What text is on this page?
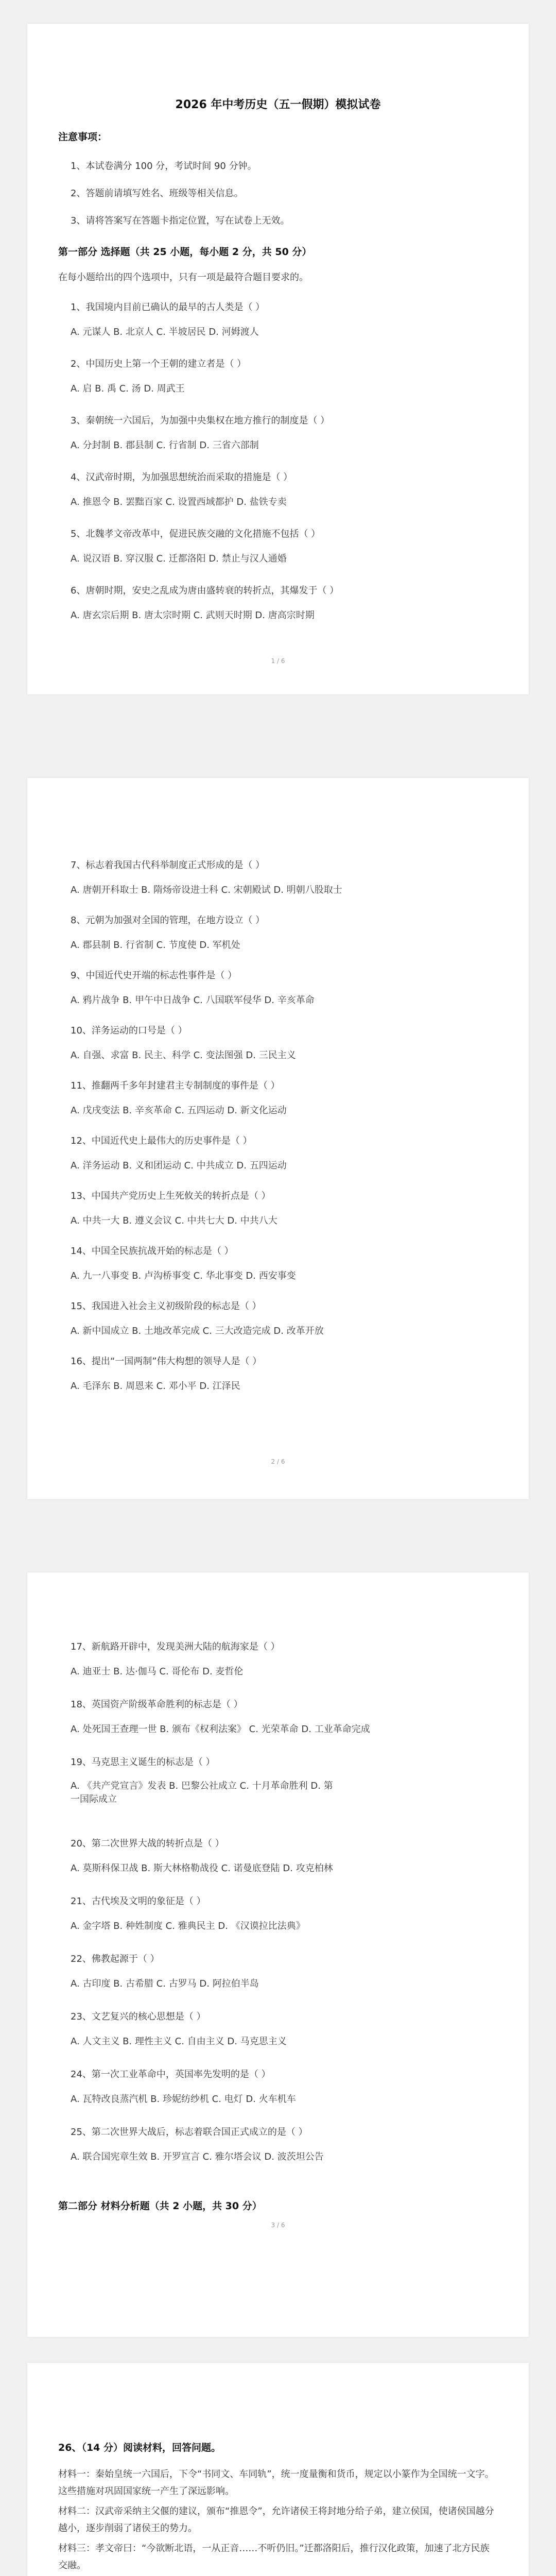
2026 年中考历史（五一假期）模拟试卷
注意事项：
1、本试卷满分 100 分，考试时间 90 分钟。
2、答题前请填写姓名、班级等相关信息。
3、请将答案写在答题卡指定位置，写在试卷上无效。
第一部分 选择题（共 25 小题，每小题 2 分，共 50 分）
在每小题给出的四个选项中，只有一项是最符合题目要求的。
1、我国境内目前已确认的最早的古人类是（ ）
A. 元谋人 B. 北京人 C. 半坡居民 D. 河姆渡人
2、中国历史上第一个王朝的建立者是（ ）
A. 启 B. 禹 C. 汤 D. 周武王
3、秦朝统一六国后，为加强中央集权在地方推行的制度是（ ）
A. 分封制 B. 郡县制 C. 行省制 D. 三省六部制
4、汉武帝时期，为加强思想统治而采取的措施是（ ）
A. 推恩令 B. 罢黜百家 C. 设置西域都护 D. 盐铁专卖
5、北魏孝文帝改革中，促进民族交融的文化措施不包括（ ）
A. 说汉语 B. 穿汉服 C. 迁都洛阳 D. 禁止与汉人通婚
6、唐朝时期，安史之乱成为唐由盛转衰的转折点，其爆发于（ ）
A. 唐玄宗后期 B. 唐太宗时期 C. 武则天时期 D. 唐高宗时期
1 / 6
7、标志着我国古代科举制度正式形成的是（ ）
A. 唐朝开科取士 B. 隋炀帝设进士科 C. 宋朝殿试 D. 明朝八股取士
8、元朝为加强对全国的管理，在地方设立（ ）
A. 郡县制 B. 行省制 C. 节度使 D. 军机处
9、中国近代史开端的标志性事件是（ ）
A. 鸦片战争 B. 甲午中日战争 C. 八国联军侵华 D. 辛亥革命
10、洋务运动的口号是（ ）
A. 自强、求富 B. 民主、科学 C. 变法图强 D. 三民主义
11、推翻两千多年封建君主专制制度的事件是（ ）
A. 戊戌变法 B. 辛亥革命 C. 五四运动 D. 新文化运动
12、中国近代史上最伟大的历史事件是（ ）
A. 洋务运动 B. 义和团运动 C. 中共成立 D. 五四运动
13、中国共产党历史上生死攸关的转折点是（ ）
A. 中共一大 B. 遵义会议 C. 中共七大 D. 中共八大
14、中国全民族抗战开始的标志是（ ）
A. 九一八事变 B. 卢沟桥事变 C. 华北事变 D. 西安事变
15、我国进入社会主义初级阶段的标志是（ ）
A. 新中国成立 B. 土地改革完成 C. 三大改造完成 D. 改革开放
16、提出“一国两制”伟大构想的领导人是（ ）
A. 毛泽东 B. 周恩来 C. 邓小平 D. 江泽民
2 / 6
17、新航路开辟中，发现美洲大陆的航海家是（ ）
A. 迪亚士 B. 达·伽马 C. 哥伦布 D. 麦哲伦
18、英国资产阶级革命胜利的标志是（ ）
A. 处死国王查理一世 B. 颁布《权利法案》 C. 光荣革命 D. 工业革命完成
19、马克思主义诞生的标志是（ ）
A. 《共产党宣言》发表 B. 巴黎公社成立 C. 十月革命胜利 D. 第一国际成立
20、第二次世界大战的转折点是（ ）
A. 莫斯科保卫战 B. 斯大林格勒战役 C. 诺曼底登陆 D. 攻克柏林
21、古代埃及文明的象征是（ ）
A. 金字塔 B. 种姓制度 C. 雅典民主 D. 《汉谟拉比法典》
22、佛教起源于（ ）
A. 古印度 B. 古希腊 C. 古罗马 D. 阿拉伯半岛
23、文艺复兴的核心思想是（ ）
A. 人文主义 B. 理性主义 C. 自由主义 D. 马克思主义
24、第一次工业革命中，英国率先发明的是（ ）
A. 瓦特改良蒸汽机 B. 珍妮纺纱机 C. 电灯 D. 火车机车
25、第二次世界大战后，标志着联合国正式成立的是（ ）
A. 联合国宪章生效 B. 开罗宣言 C. 雅尔塔会议 D. 波茨坦公告
第二部分 材料分析题（共 2 小题，共 30 分）
3 / 6
26、（14 分）阅读材料，回答问题。
材料一：秦始皇统一六国后，下令“书同文、车同轨”，统一度量衡和货币，规定以小篆作为全国统一文字。这些措施对巩固国家统一产生了深远影响。
材料二：汉武帝采纳主父偃的建议，颁布“推恩令”，允许诸侯王将封地分给子弟，建立侯国，使诸侯国越分越小，逐步削弱了诸侯王的势力。
材料三：孝文帝曰：“今欲断北语，一从正音……不听仍旧。”迁都洛阳后，推行汉化政策，加速了北方民族交融。
